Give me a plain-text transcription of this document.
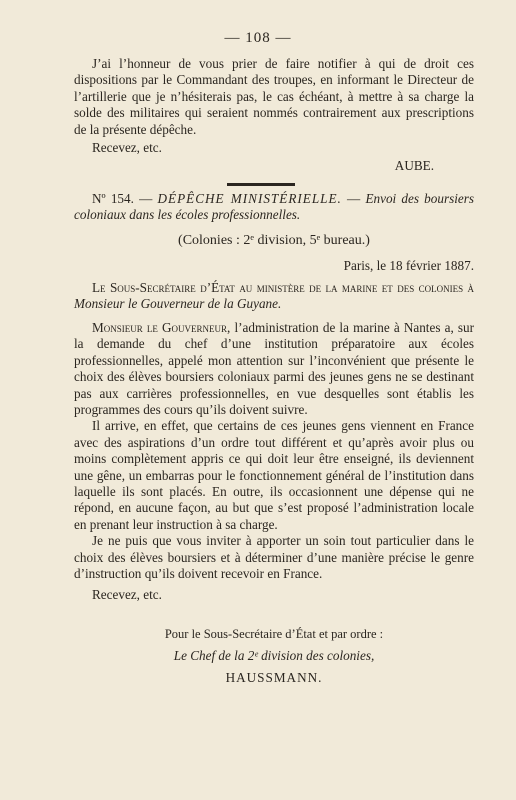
— 108 —

J’ai l’honneur de vous prier de faire notifier à qui de droit ces dispositions par le Commandant des troupes, en informant le Directeur de l’artillerie que je n’hésiterais pas, le cas échéant, à mettre à sa charge la solde des militaires qui seraient nommés contrairement aux prescriptions de la présente dépêche.

Recevez, etc.

AUBE.

Nº 154. — DÉPÊCHE MINISTÉRIELLE. — Envoi des boursiers coloniaux dans les écoles professionnelles.

(Colonies : 2ᵉ division, 5ᵉ bureau.)
Paris, le 18 février 1887.

Le Sous-Secrétaire d’État au ministère de la marine et des colonies à Monsieur le Gouverneur de la Guyane.

Monsieur le Gouverneur, l’administration de la marine à Nantes a, sur la demande du chef d’une institution préparatoire aux écoles professionnelles, appelé mon attention sur l’inconvénient que présente le choix des élèves boursiers coloniaux parmi des jeunes gens ne se destinant pas aux carrières professionnelles, en vue desquelles sont établis les programmes des cours qu’ils doivent suivre.

Il arrive, en effet, que certains de ces jeunes gens viennent en France avec des aspirations d’un ordre tout différent et qu’après avoir plus ou moins complètement appris ce qui doit leur être enseigné, ils deviennent une gêne, un embarras pour le fonctionnement général de l’institution dans laquelle ils sont placés. En outre, ils occasionnent une dépense qui ne répond, en aucune façon, au but que s’est proposé l’administration locale en prenant leur instruction à sa charge.

Je ne puis que vous inviter à apporter un soin tout particulier dans le choix des élèves boursiers et à déterminer d’une manière précise le genre d’instruction qu’ils doivent recevoir en France.

Recevez, etc.

Pour le Sous-Secrétaire d’État et par ordre :
Le Chef de la 2ᵉ division des colonies,
HAUSSMANN.
